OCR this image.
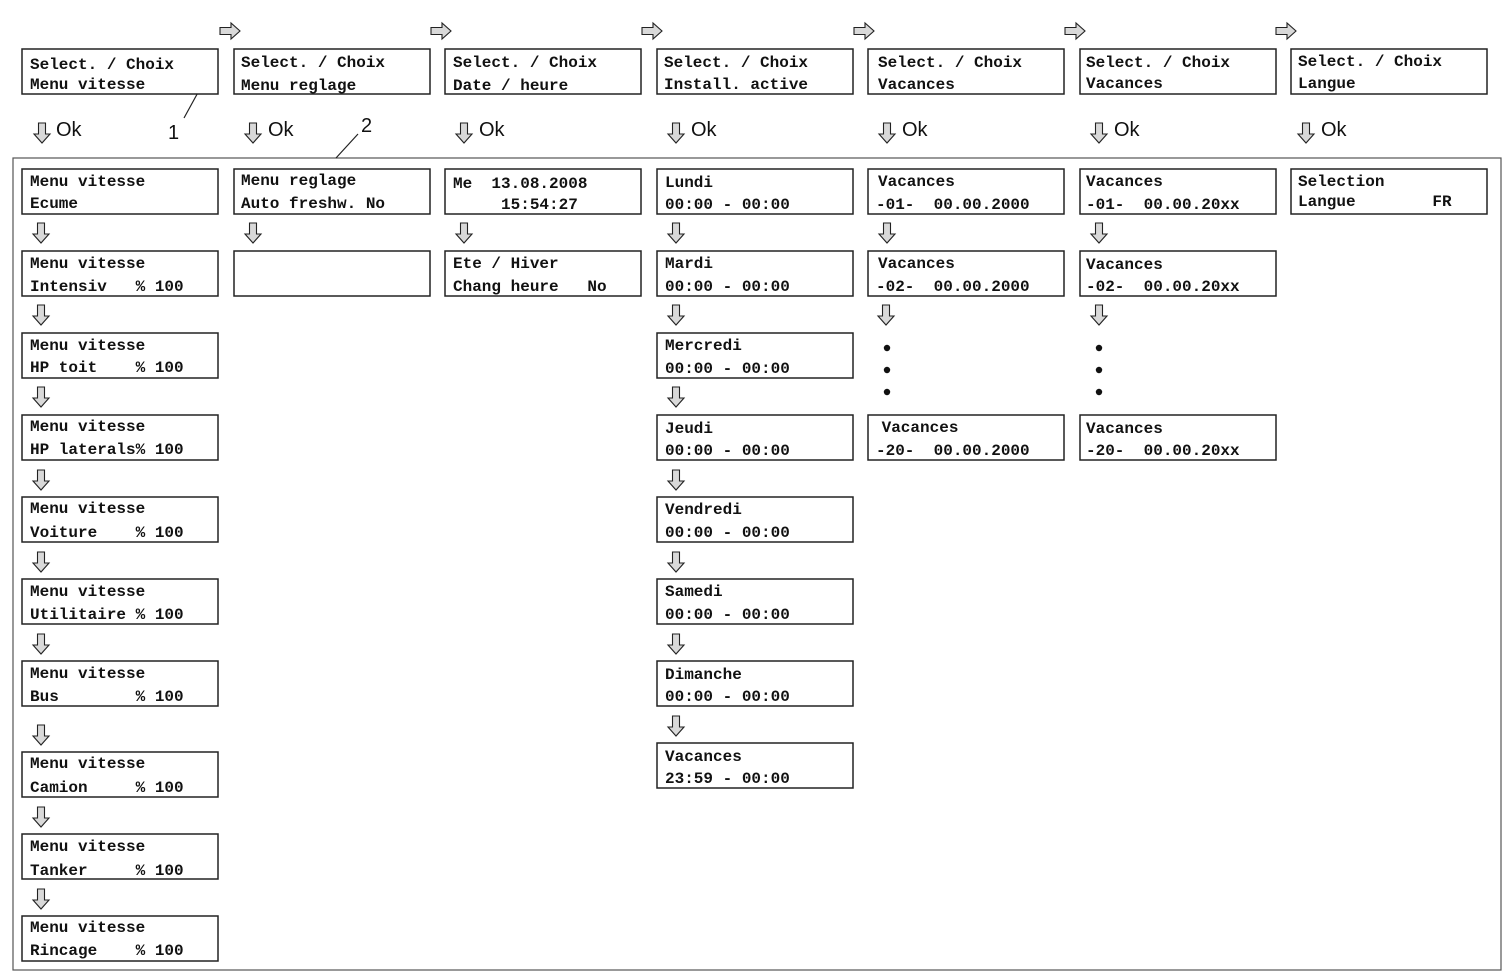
1	2
Select. / Choix
Menu vitesse
Ok
Menu vitesse
Ecume
Menu vitesse
Intensiv   % 100
Menu vitesse
HP toit    % 100
Menu vitesse
HP laterals% 100
Menu vitesse
Voiture    % 100
Menu vitesse
Utilitaire % 100
Menu vitesse
Bus        % 100
Menu vitesse
Camion     % 100
Menu vitesse
Tanker     % 100
Menu vitesse
Rincage    % 100
Select. / Choix
Menu reglage
Ok
Menu reglage
Auto freshw. No
Select. / Choix
Date / heure
Ok
Me  13.08.2008
15:54:27
Ete / Hiver
Chang heure   No
Select. / Choix
Install. active
Ok
Lundi
00:00 - 00:00
Mardi
00:00 - 00:00
Mercredi
00:00 - 00:00
Jeudi
00:00 - 00:00
Vendredi
00:00 - 00:00
Samedi
00:00 - 00:00
Dimanche
00:00 - 00:00
Vacances
23:59 - 00:00
Select. / Choix
Vacances
Ok
Vacances
-01-  00.00.2000
Vacances
-02-  00.00.2000
Vacances
-20-  00.00.2000
Select. / Choix
Vacances
Ok
Vacances
-01-  00.00.20xx
Vacances
-02-  00.00.20xx
Vacances
-20-  00.00.20xx
Select. / Choix
Langue
Ok
Selection
Langue        FR
